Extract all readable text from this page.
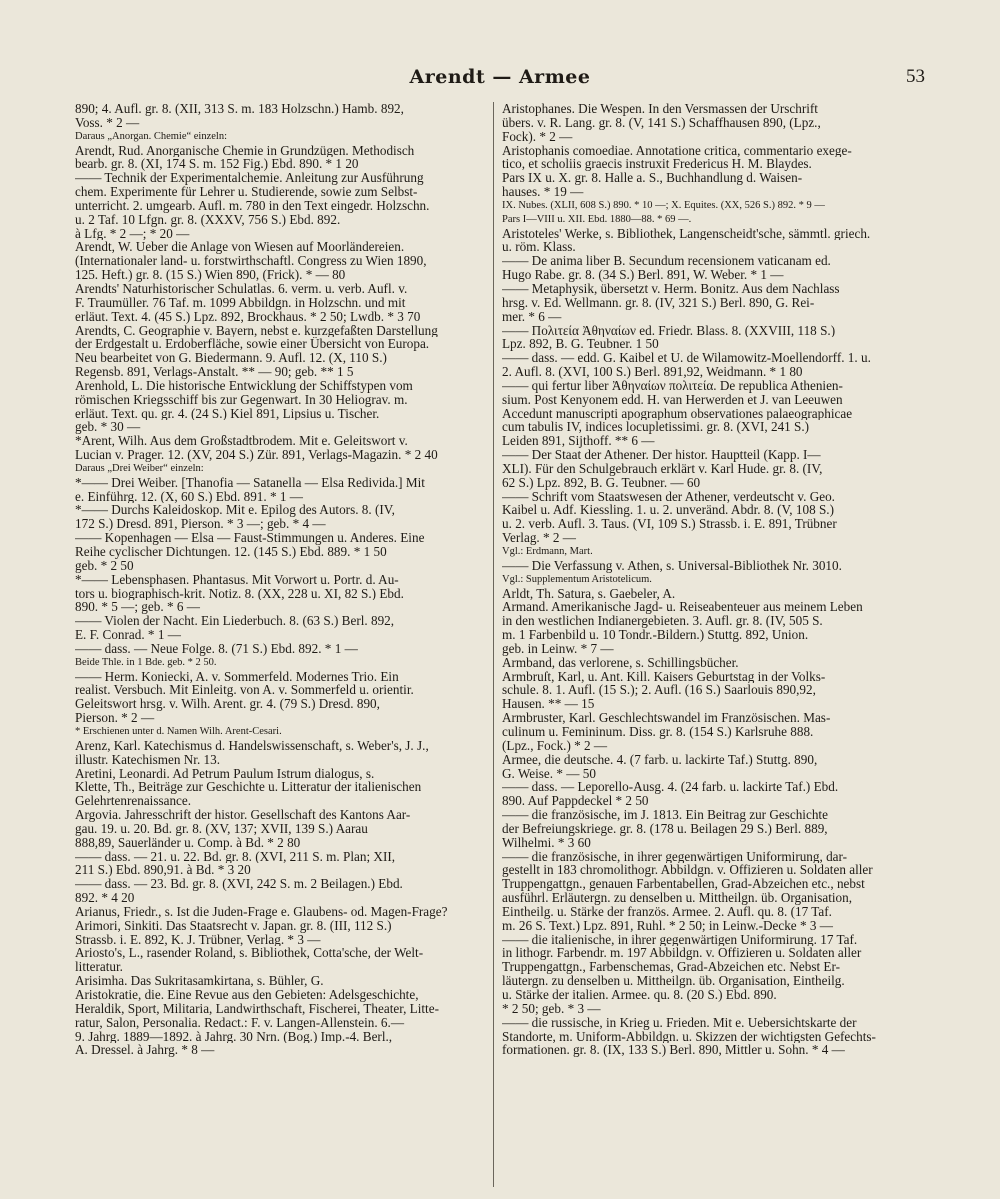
Arendt — Armee	53
890; 4. Aufl. gr. 8. (XII, 313 S. m. 183 Holzschn.) Hamb. 892,
Voss. * 2 —
Daraus „Anorgan. Chemie“ einzeln:
Arendt, Rud. Anorganische Chemie in Grundzügen. Methodisch
bearb. gr. 8. (XI, 174 S. m. 152 Fig.) Ebd. 890. * 1 20
—— Technik der Experimentalchemie. Anleitung zur Ausführung
chem. Experimente für Lehrer u. Studierende, sowie zum Selbst-
unterricht. 2. umgearb. Aufl. m. 780 in den Text eingedr. Holzschn.
u. 2 Taf. 10 Lfgn. gr. 8. (XXXV, 756 S.) Ebd. 892.
à Lfg. * 2 —; * 20 —
Arendt, W. Ueber die Anlage von Wiesen auf Moorländereien.
(Internationaler land- u. forstwirthschaftl. Congress zu Wien 1890,
125. Heft.) gr. 8. (15 S.) Wien 890, (Frick). * — 80
Arendts' Naturhistorischer Schulatlas. 6. verm. u. verb. Aufl. v.
F. Traumüller. 76 Taf. m. 1099 Abbildgn. in Holzschn. und mit
erläut. Text. 4. (45 S.) Lpz. 892, Brockhaus. * 2 50; Lwdb. * 3 70
Arendts, C. Geographie v. Bayern, nebst e. kurzgefaßten Darstellung
der Erdgestalt u. Erdoberfläche, sowie einer Übersicht von Europa.
Neu bearbeitet von G. Biedermann. 9. Aufl. 12. (X, 110 S.)
Regensb. 891, Verlags-Anstalt. ** — 90; geb. ** 1 5
Arenhold, L. Die historische Entwicklung der Schiffstypen vom
römischen Kriegsschiff bis zur Gegenwart. In 30 Heliograv. m.
erläut. Text. qu. gr. 4. (24 S.) Kiel 891, Lipsius u. Tischer.
geb. * 30 —
*Arent, Wilh. Aus dem Großstadtbrodem. Mit e. Geleitswort v.
Lucian v. Prager. 12. (XV, 204 S.) Zür. 891, Verlags-Magazin. * 2 40
Daraus „Drei Weiber“ einzeln:
*—— Drei Weiber. [Thanofia — Satanella — Elsa Redivida.] Mit
e. Einführg. 12. (X, 60 S.) Ebd. 891. * 1 —
*—— Durchs Kaleidoskop. Mit e. Epilog des Autors. 8. (IV,
172 S.) Dresd. 891, Pierson. * 3 —; geb. * 4 —
—— Kopenhagen — Elsa — Faust-Stimmungen u. Anderes. Eine
Reihe cyclischer Dichtungen. 12. (145 S.) Ebd. 889. * 1 50
geb. * 2 50
*—— Lebensphasen. Phantasus. Mit Vorwort u. Portr. d. Au-
tors u. biographisch-krit. Notiz. 8. (XX, 228 u. XI, 82 S.) Ebd.
890. * 5 —; geb. * 6 —
—— Violen der Nacht. Ein Liederbuch. 8. (63 S.) Berl. 892,
E. F. Conrad. * 1 —
—— dass. — Neue Folge. 8. (71 S.) Ebd. 892. * 1 —
Beide Thle. in 1 Bde. geb. * 2 50.
—— Herm. Koniecki, A. v. Sommerfeld. Modernes Trio. Ein
realist. Versbuch. Mit Einleitg. von A. v. Sommerfeld u. orientir.
Geleitswort hrsg. v. Wilh. Arent. gr. 4. (79 S.) Dresd. 890,
Pierson. * 2 —
* Erschienen unter d. Namen Wilh. Arent-Cesari.
Arenz, Karl. Katechismus d. Handelswissenschaft, s. Weber's, J. J.,
illustr. Katechismen Nr. 13.
Aretini, Leonardi. Ad Petrum Paulum Istrum dialogus, s.
Klette, Th., Beiträge zur Geschichte u. Litteratur der italienischen
Gelehrtenrenaissance.
Argovia. Jahresschrift der histor. Gesellschaft des Kantons Aar-
gau. 19. u. 20. Bd. gr. 8. (XV, 137; XVII, 139 S.) Aarau
888,89, Sauerländer u. Comp. à Bd. * 2 80
—— dass. — 21. u. 22. Bd. gr. 8. (XVI, 211 S. m. Plan; XII,
211 S.) Ebd. 890,91. à Bd. * 3 20
—— dass. — 23. Bd. gr. 8. (XVI, 242 S. m. 2 Beilagen.) Ebd.
892. * 4 20
Arianus, Friedr., s. Ist die Juden-Frage e. Glaubens- od. Magen-Frage?
Arimori, Sinkiti. Das Staatsrecht v. Japan. gr. 8. (III, 112 S.)
Strassb. i. E. 892, K. J. Trübner, Verlag. * 3 —
Ariosto's, L., rasender Roland, s. Bibliothek, Cotta'sche, der Welt-
litteratur.
Arisimha. Das Sukritasamkirtana, s. Bühler, G.
Aristokratie, die. Eine Revue aus den Gebieten: Adelsgeschichte,
Heraldik, Sport, Militaria, Landwirthschaft, Fischerei, Theater, Litte-
ratur, Salon, Personalia. Redact.: F. v. Langen-Allenstein. 6.—
9. Jahrg. 1889—1892. à Jahrg. 30 Nrn. (Bog.) Imp.-4. Berl.,
A. Dressel. à Jahrg. * 8 —
Aristophanes. Die Wespen. In den Versmassen der Urschrift
übers. v. R. Lang. gr. 8. (V, 141 S.) Schaffhausen 890, (Lpz.,
Fock). * 2 —
Aristophanis comoediae. Annotatione critica, commentario exege-
tico, et scholiis graecis instruxit Fredericus H. M. Blaydes.
Pars IX u. X. gr. 8. Halle a. S., Buchhandlung d. Waisen-
hauses. * 19 —
IX. Nubes. (XLII, 608 S.) 890. * 10 —; X. Equites. (XX, 526 S.) 892. * 9 —
Pars I—VIII u. XII. Ebd. 1880—88. * 69 —.
Aristoteles' Werke, s. Bibliothek, Langenscheidt'sche, sämmtl. griech.
u. röm. Klass.
—— De anima liber B. Secundum recensionem vaticanam ed.
Hugo Rabe. gr. 8. (34 S.) Berl. 891, W. Weber. * 1 —
—— Metaphysik, übersetzt v. Herm. Bonitz. Aus dem Nachlass
hrsg. v. Ed. Wellmann. gr. 8. (IV, 321 S.) Berl. 890, G. Rei-
mer. * 6 —
—— Πολιτεία Ἀθηναίων ed. Friedr. Blass. 8. (XXVIII, 118 S.)
Lpz. 892, B. G. Teubner. 1 50
—— dass. — edd. G. Kaibel et U. de Wilamowitz-Moellendorff. 1. u.
2. Aufl. 8. (XVI, 100 S.) Berl. 891,92, Weidmann. * 1 80
—— qui fertur liber Ἀθηναίων πολιτεία. De republica Athenien-
sium. Post Kenyonem edd. H. van Herwerden et J. van Leeuwen
Accedunt manuscripti apographum observationes palaeographicae
cum tabulis IV, indices locupletissimi. gr. 8. (XVI, 241 S.)
Leiden 891, Sijthoff. ** 6 —
—— Der Staat der Athener. Der histor. Hauptteil (Kapp. I—
XLI). Für den Schulgebrauch erklärt v. Karl Hude. gr. 8. (IV,
62 S.) Lpz. 892, B. G. Teubner. — 60
—— Schrift vom Staatswesen der Athener, verdeutscht v. Geo.
Kaibel u. Adf. Kiessling. 1. u. 2. unveränd. Abdr. 8. (V, 108 S.)
u. 2. verb. Aufl. 3. Taus. (VI, 109 S.) Strassb. i. E. 891, Trübner
Verlag. * 2 —
Vgl.: Erdmann, Mart.
—— Die Verfassung v. Athen, s. Universal-Bibliothek Nr. 3010.
Vgl.: Supplementum Aristotelicum.
Arldt, Th. Satura, s. Gaebeler, A.
Armand. Amerikanische Jagd- u. Reiseabenteuer aus meinem Leben
in den westlichen Indianergebieten. 3. Aufl. gr. 8. (IV, 505 S.
m. 1 Farbenbild u. 10 Tondr.-Bildern.) Stuttg. 892, Union.
geb. in Leinw. * 7 —
Armband, das verlorene, s. Schillingsbücher.
Armbruſt, Karl, u. Ant. Kill. Kaisers Geburtstag in der Volks-
schule. 8. 1. Aufl. (15 S.); 2. Aufl. (16 S.) Saarlouis 890,92,
Hausen. ** — 15
Armbruster, Karl. Geschlechtswandel im Französischen. Mas-
culinum u. Femininum. Diss. gr. 8. (154 S.) Karlsruhe 888.
(Lpz., Fock.) * 2 —
Armee, die deutsche. 4. (7 farb. u. lackirte Taf.) Stuttg. 890,
G. Weise. * — 50
—— dass. — Leporello-Ausg. 4. (24 farb. u. lackirte Taf.) Ebd.
890. Auf Pappdeckel * 2 50
—— die französische, im J. 1813. Ein Beitrag zur Geschichte
der Befreiungskriege. gr. 8. (178 u. Beilagen 29 S.) Berl. 889,
Wilhelmi. * 3 60
—— die französische, in ihrer gegenwärtigen Uniformirung, dar-
gestellt in 183 chromolithogr. Abbildgn. v. Offizieren u. Soldaten aller
Truppengattgn., genauen Farbentabellen, Grad-Abzeichen etc., nebst
ausführl. Erläutergn. zu denselben u. Mittheilgn. üb. Organisation,
Eintheilg. u. Stärke der französ. Armee. 2. Aufl. qu. 8. (17 Taf.
m. 26 S. Text.) Lpz. 891, Ruhl. * 2 50; in Leinw.-Decke * 3 —
—— die italienische, in ihrer gegenwärtigen Uniformirung. 17 Taf.
in lithogr. Farbendr. m. 197 Abbildgn. v. Offizieren u. Soldaten aller
Truppengattgn., Farbenschemas, Grad-Abzeichen etc. Nebst Er-
läutergn. zu denselben u. Mittheilgn. üb. Organisation, Eintheilg.
u. Stärke der italien. Armee. qu. 8. (20 S.) Ebd. 890.
* 2 50; geb. * 3 —
—— die russische, in Krieg u. Frieden. Mit e. Uebersichtskarte der
Standorte, m. Uniform-Abbildgn. u. Skizzen der wichtigsten Gefechts-
formationen. gr. 8. (IX, 133 S.) Berl. 890, Mittler u. Sohn. * 4 —
